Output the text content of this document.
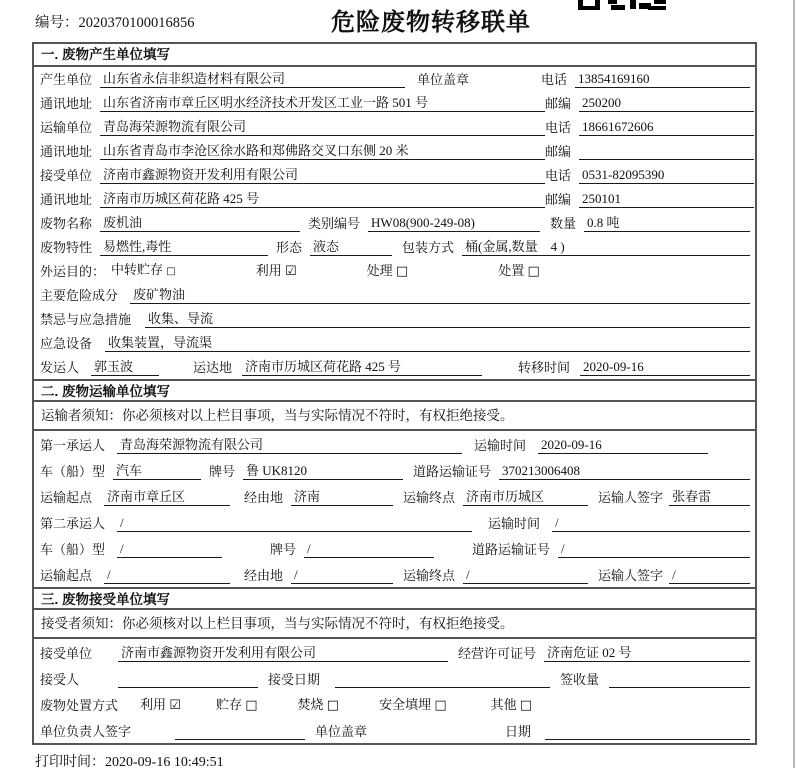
编号：2020370100016856	危险废物转移联单
一. 废物产生单位填写
产生单位 山东省永信非织造材料有限公司	单位盖章	电话 13854169160
通讯地址 山东省济南市章丘区明水经济技术开发区工业一路 501 号	邮编 250200
运输单位 青岛海荣源物流有限公司	电话 18661672606
通讯地址 山东省青岛市李沧区徐水路和郑佛路交叉口东侧 20 米	邮编
接受单位 济南市鑫源物资开发利用有限公司	电话 0531-82095390
通讯地址 济南市历城区荷花路 425 号	邮编 250101
废物名称 废机油	类别编号 HW08(900-249-08)	数量 0.8 吨
废物特性 易燃性,毒性	形态 液态	包装方式 桶(金属,数量　4 )
外运目的： 中转贮存 □	利用 ☑	处理 □	处置 □
主要危险成分 废矿物油
禁忌与应急措施 收集、导流
应急设备 收集装置，导流渠
发运人 郭玉波	运达地 济南市历城区荷花路 425 号	转移时间 2020-09-16
二. 废物运输单位填写
运输者须知：你必须核对以上栏目事项，当与实际情况不符时，有权拒绝接受。
第一承运人 青岛海荣源物流有限公司	运输时间 2020-09-16
车（船）型 汽车	牌号 鲁 UK8120	道路运输证号 370213006408
运输起点 济南市章丘区	经由地 济南	运输终点 济南市历城区	运输人签字 张春雷
第二承运人 /	运输时间 /
车（船）型 /	牌号 /	道路运输证号 /
运输起点 /	经由地 /	运输终点 /	运输人签字 /
三. 废物接受单位填写
接受者须知：你必须核对以上栏目事项，当与实际情况不符时，有权拒绝接受。
接受单位 济南市鑫源物资开发利用有限公司	经营许可证号 济南危证 02 号
接受人	接受日期	签收量
废物处置方式 利用 ☑	贮存 □	焚烧 □	安全填埋 □	其他 □
单位负责人签字	单位盖章	日期
打印时间：2020-09-16 10:49:51
